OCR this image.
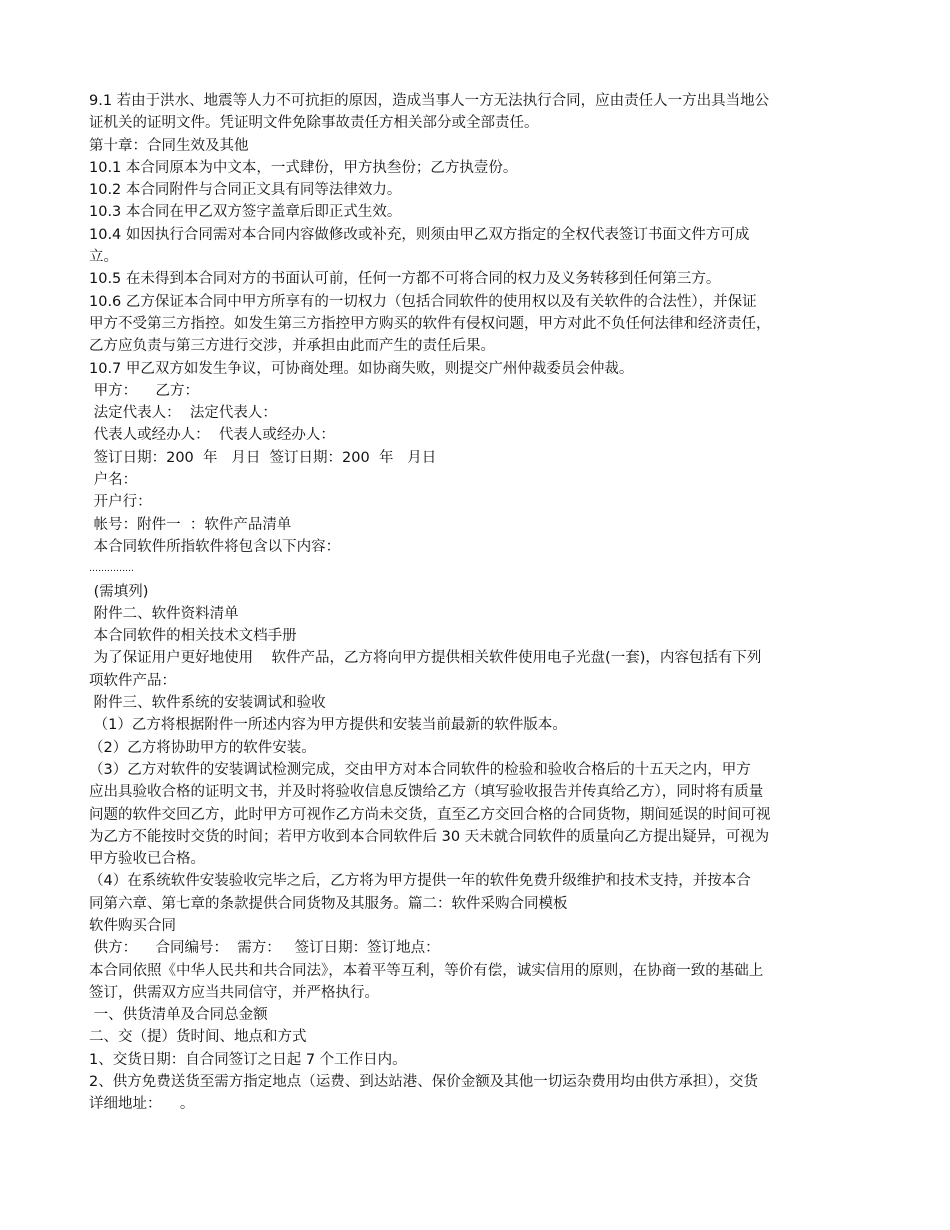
9.1 若由于洪水、地震等人力不可抗拒的原因，造成当事人一方无法执行合同，应由责任人一方出具当地公
证机关的证明文件。凭证明文件免除事故责任方相关部分或全部责任。
第十章：合同生效及其他
10.1 本合同原本为中文本，一式肆份，甲方执叁份；乙方执壹份。
10.2 本合同附件与合同正文具有同等法律效力。
10.3 本合同在甲乙双方签字盖章后即正式生效。
10.4 如因执行合同需对本合同内容做修改或补充，则须由甲乙双方指定的全权代表签订书面文件方可成
立。
10.5 在未得到本合同对方的书面认可前，任何一方都不可将合同的权力及义务转移到任何第三方。
10.6 乙方保证本合同中甲方所享有的一切权力（包括合同软件的使用权以及有关软件的合法性），并保证
甲方不受第三方指控。如发生第三方指控甲方购买的软件有侵权问题，甲方对此不负任何法律和经济责任，
乙方应负责与第三方进行交涉，并承担由此而产生的责任后果。
10.7 甲乙双方如发生争议，可协商处理。如协商失败，则提交广州仲裁委员会仲裁。
甲方：    乙方：
法定代表人：  法定代表人：
代表人或经办人：  代表人或经办人：
签订日期：200  年   月日  签订日期：200  年   月日
户名：
开户行：
帐号：附件一  ：软件产品清单
本合同软件所指软件将包含以下内容：
……………
(需填列)
附件二、软件资料清单
本合同软件的相关技术文档手册
为了保证用户更好地使用    软件产品，乙方将向甲方提供相关软件使用电子光盘(一套)，内容包括有下列
项软件产品：
附件三、软件系统的安装调试和验收
（1）乙方将根据附件一所述内容为甲方提供和安装当前最新的软件版本。
（2）乙方将协助甲方的软件安装。
（3）乙方对软件的安装调试检测完成，交由甲方对本合同软件的检验和验收合格后的十五天之内，甲方
应出具验收合格的证明文书，并及时将验收信息反馈给乙方（填写验收报告并传真给乙方），同时将有质量
问题的软件交回乙方，此时甲方可视作乙方尚未交货，直至乙方交回合格的合同货物，期间延误的时间可视
为乙方不能按时交货的时间；若甲方收到本合同软件后 30 天未就合同软件的质量向乙方提出疑异，可视为
甲方验收已合格。
（4）在系统软件安装验收完毕之后，乙方将为甲方提供一年的软件免费升级维护和技术支持，并按本合
同第六章、第七章的条款提供合同货物及其服务。篇二：软件采购合同模板
软件购买合同
供方：    合同编号：  需方：   签订日期：签订地点：
本合同依照《中华人民共和共合同法》，本着平等互利，等价有偿，诚实信用的原则，在协商一致的基础上
签订，供需双方应当共同信守，并严格执行。
一、供货清单及合同总金额
二、交（提）货时间、地点和方式
1、交货日期：自合同签订之日起 7 个工作日内。
2、供方免费送货至需方指定地点（运费、到达站港、保价金额及其他一切运杂费用均由供方承担），交货
详细地址：    。
